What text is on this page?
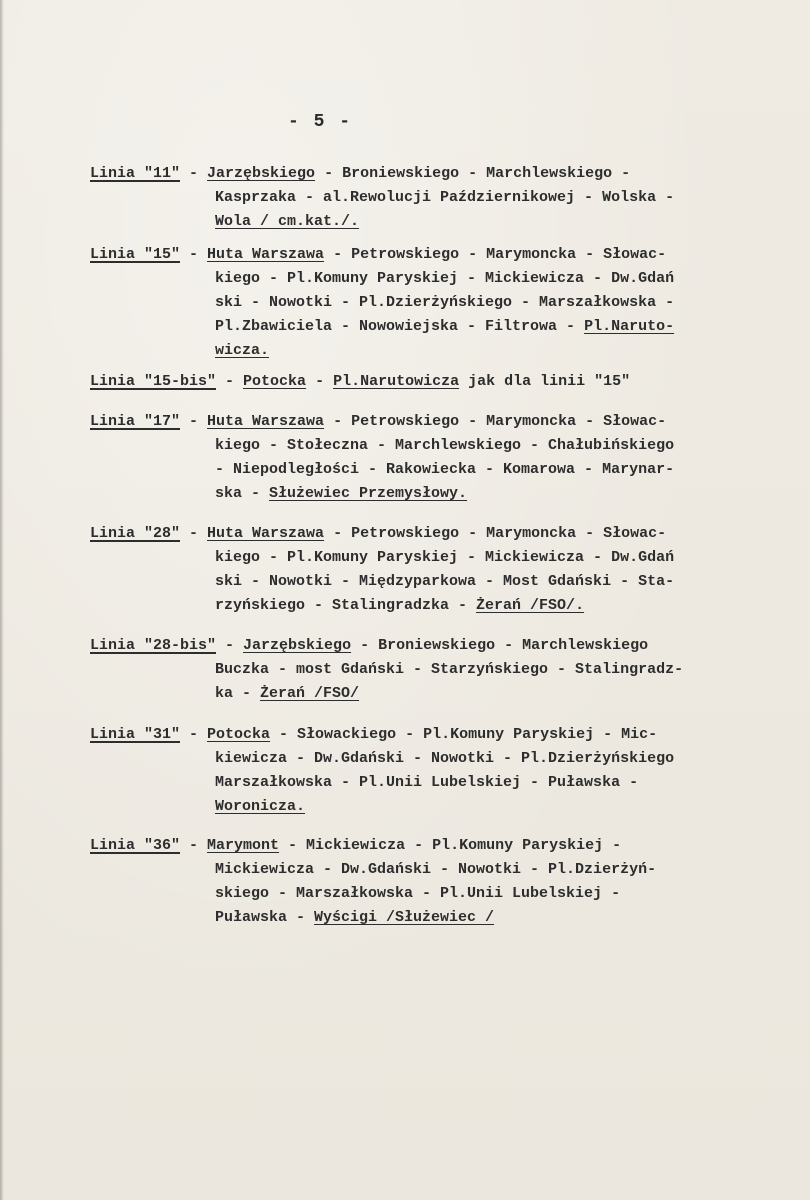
- 5 -
Linia "11" - Jarzębskiego - Broniewskiego - Marchlewskiego -
Kasprzaka - al.Rewolucji Październikowej - Wolska -
Wola / cm.kat./.
Linia "15" - Huta Warszawa - Petrowskiego - Marymoncka - Słowac-
kiego - Pl.Komuny Paryskiej - Mickiewicza - Dw.Gdań
ski - Nowotki - Pl.Dzierżyńskiego - Marszałkowska -
Pl.Zbawiciela - Nowowiejska - Filtrowa - Pl.Naruto-
wicza.
Linia "15-bis" - Potocka - Pl.Narutowicza jak dla linii "15"
Linia "17" - Huta Warszawa - Petrowskiego - Marymoncka - Słowac-
kiego - Stołeczna - Marchlewskiego - Chałubińskiego
- Niepodległości - Rakowiecka - Komarowa - Marynar-
ska - Służewiec Przemysłowy.
Linia "28" - Huta Warszawa - Petrowskiego - Marymoncka - Słowac-
kiego - Pl.Komuny Paryskiej - Mickiewicza - Dw.Gdań
ski - Nowotki - Międzyparkowa - Most Gdański - Sta-
rzyńskiego - Stalingradzka - Żerań /FSO/.
Linia "28-bis" - Jarzębskiego - Broniewskiego - Marchlewskiego
Buczka - most Gdański - Starzyńskiego - Stalingradz-
ka - Żerań /FSO/
Linia "31" - Potocka - Słowackiego - Pl.Komuny Paryskiej - Mic-
kiewicza - Dw.Gdański - Nowotki - Pl.Dzierżyńskiego
Marszałkowska - Pl.Unii Lubelskiej - Puławska -
Woronicza.
Linia "36" - Marymont - Mickiewicza - Pl.Komuny Paryskiej -
Mickiewicza - Dw.Gdański - Nowotki - Pl.Dzierżyń-
skiego - Marszałkowska - Pl.Unii Lubelskiej -
Puławska - Wyścigi /Służewiec /
